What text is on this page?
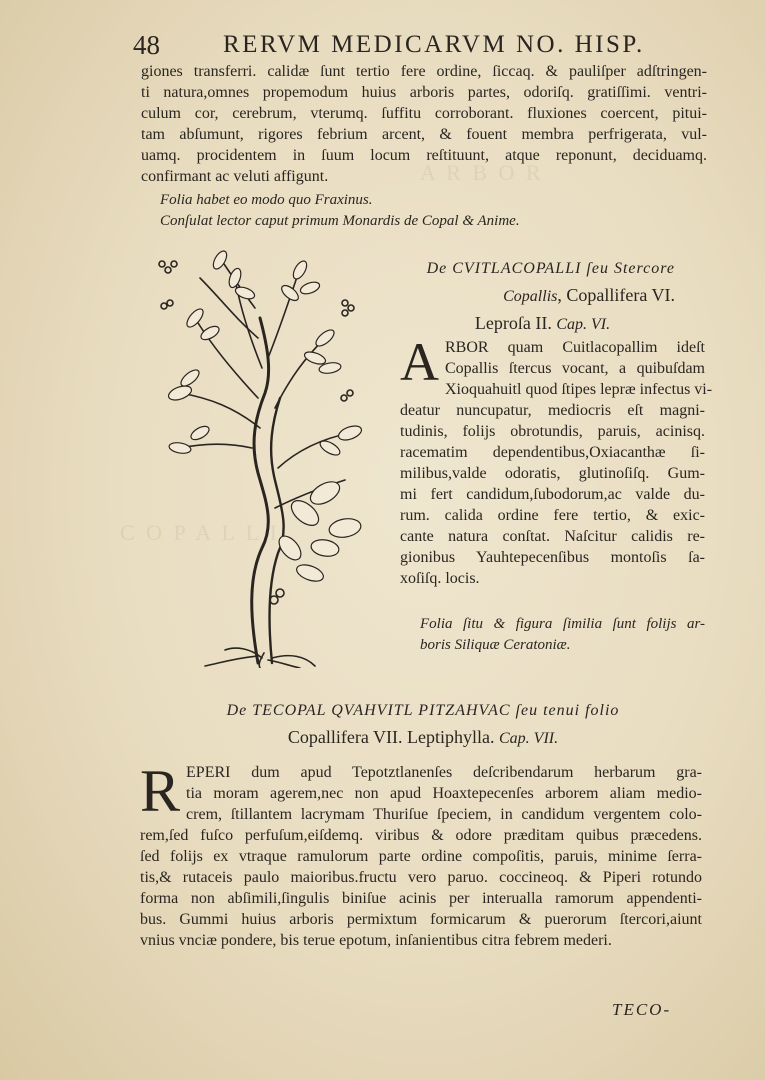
A R B O R
C O P A L L I
48	RERVM MEDICARVM NO. HISP.
giones transferri. calidæ ſunt tertio fere ordine, ſiccaq. & pauliſper adſtringen-
ti natura,omnes propemodum huius arboris partes, odoriſq. gratiſſimi. ventri-
culum cor, cerebrum, vterumq. ſuffitu corroborant. fluxiones coercent, pitui-
tam abſumunt, rigores febrium arcent, & fouent membra perfrigerata, vul-
uamq. procidentem in ſuum locum reſtituunt, atque reponunt, deciduamq.
confirmant ac veluti affigunt.
Folia habet eo modo quo Fraxinus.
Conſulat lector caput primum Monardis de Copal & Anime.
De CVITLACOPALLI ſeu Stercore
Copallis, Copallifera VI.
Leproſa II. Cap. VI.
A RBOR quam Cuitlacopallim ideſt
Copallis ſtercus vocant, a quibuſdam
Xioquahuitl quod ſtipes lepræ infectus vi-
deatur nuncupatur, mediocris eſt magni-
tudinis, folijs obrotundis, paruis, acinisq.
racematim dependentibus,Oxiacanthæ ſi-
milibus,valde odoratis, glutinoſiſq. Gum-
mi fert candidum,ſubodorum,ac valde du-
rum. calida ordine fere tertio, & exic-
cante natura conſtat. Naſcitur calidis re-
gionibus Yauhtepecenſibus montoſis ſa-
xoſiſq. locis.
Folia ſitu & figura ſimilia ſunt folijs ar-
boris Siliquæ Ceratoniæ.
De TECOPAL QVAHVITL PITZAHVAC ſeu tenui folio
Copallifera VII. Leptiphylla. Cap. VII.
R EPERI dum apud Tepotztlanenſes deſcribendarum herbarum gra-
tia moram agerem,nec non apud Hoaxtepecenſes arborem aliam medio-
crem, ſtillantem lacrymam Thuriſue ſpeciem, in candidum vergentem colo-
rem,ſed fuſco perfuſum,eiſdemq. viribus & odore præditam quibus præcedens.
ſed folijs ex vtraque ramulorum parte ordine compoſitis, paruis, minime ſerra-
tis,& rutaceis paulo maioribus.fructu vero paruo. coccineoq. & Piperi rotundo
forma non abſimili,ſingulis biniſue acinis per interualla ramorum appendenti-
bus. Gummi huius arboris permixtum formicarum & puerorum ſtercori,aiunt
vnius vnciæ pondere, bis terue epotum, inſanientibus citra febrem mederi.
TECO-
